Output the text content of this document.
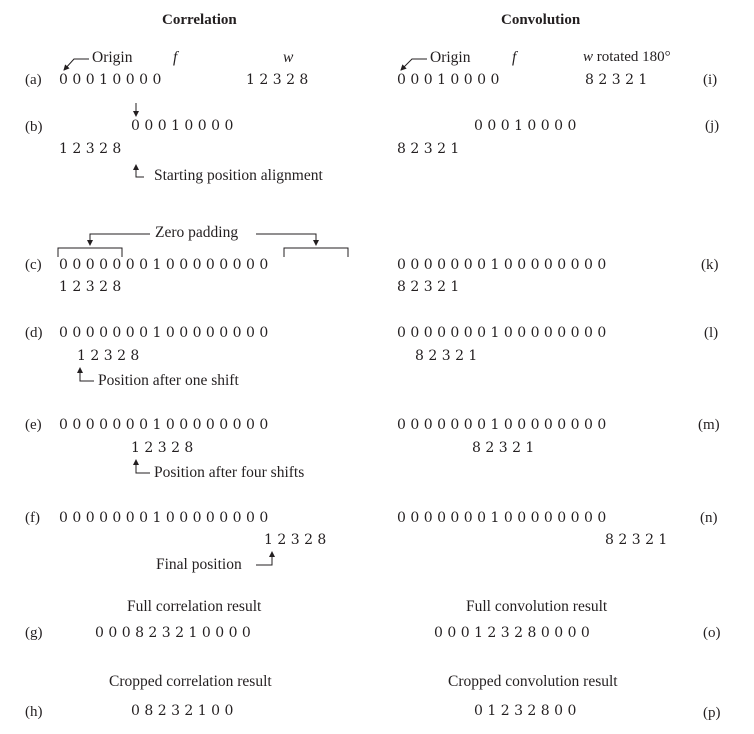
Correlation	Convolution
Origin	f	w
(a) 0 0 0 1 0 0 0 0	1 2 3 2 8
Origin	f	w rotated 180°
0 0 0 1 0 0 0 0	8 2 3 2 1	(i)
(b)	0 0 0 1 0 0 0 0
1 2 3 2 8
Starting position alignment
0 0 0 1 0 0 0 0
8 2 3 2 1
(j)
Zero padding
(c) 0 0 0 0 0 0 0 1 0 0 0 0 0 0 0 0
1 2 3 2 8
0 0 0 0 0 0 0 1 0 0 0 0 0 0 0 0
8 2 3 2 1
(k)
(d) 0 0 0 0 0 0 0 1 0 0 0 0 0 0 0 0
1 2 3 2 8
Position after one shift
0 0 0 0 0 0 0 1 0 0 0 0 0 0 0 0
8 2 3 2 1
(l)
(e) 0 0 0 0 0 0 0 1 0 0 0 0 0 0 0 0
1 2 3 2 8
Position after four shifts
0 0 0 0 0 0 0 1 0 0 0 0 0 0 0 0
8 2 3 2 1
(m)
(f) 0 0 0 0 0 0 0 1 0 0 0 0 0 0 0 0
1 2 3 2 8
Final position
0 0 0 0 0 0 0 1 0 0 0 0 0 0 0 0
8 2 3 2 1
(n)
Full correlation result
(g)	0 0 0 8 2 3 2 1 0 0 0 0
Full convolution result
0 0 0 1 2 3 2 8 0 0 0 0	(o)
Cropped correlation result
(h)	0 8 2 3 2 1 0 0
Cropped convolution result
0 1 2 3 2 8 0 0	(p)
